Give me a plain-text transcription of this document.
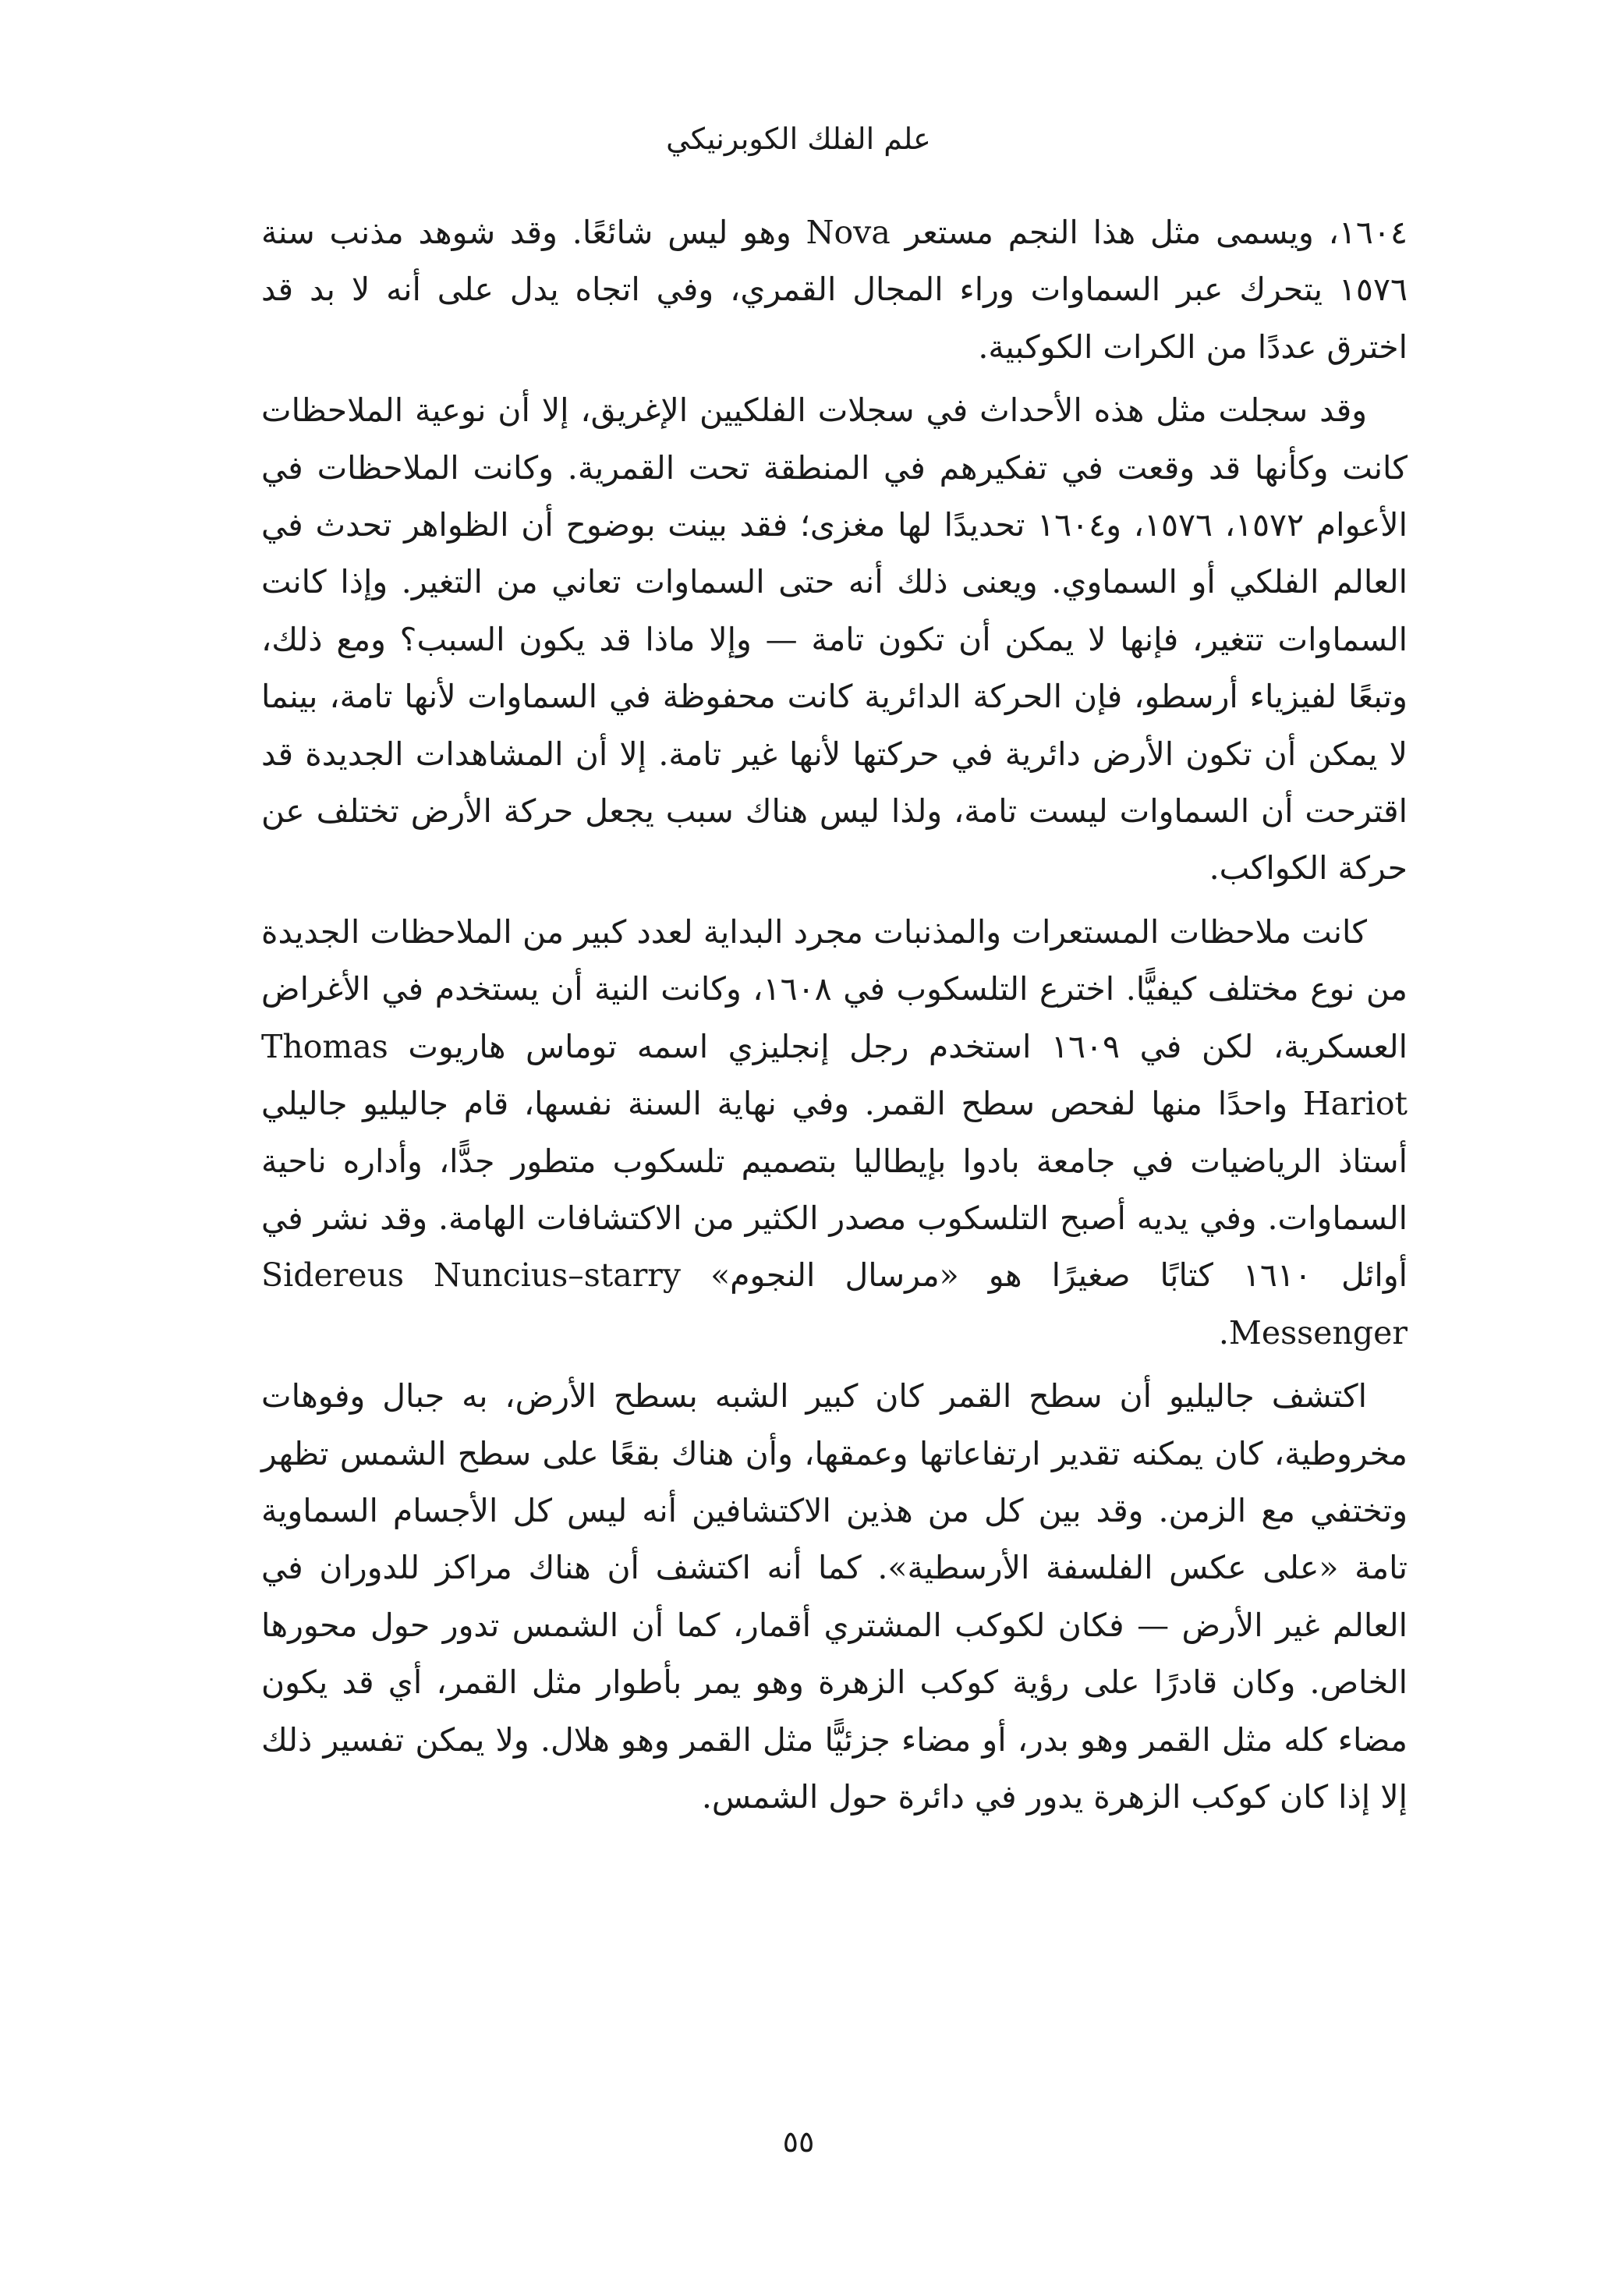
علم الفلك الكوبرنيكي

١٦٠٤، ويسمى مثل هذا النجم مستعر Nova وهو ليس شائعًا. وقد شوهد مذنب سنة ١٥٧٦ يتحرك عبر السماوات وراء المجال القمري، وفي اتجاه يدل على أنه لا بد قد اخترق عددًا من الكرات الكوكبية.

وقد سجلت مثل هذه الأحداث في سجلات الفلكيين الإغريق، إلا أن نوعية الملاحظات كانت وكأنها قد وقعت في تفكيرهم في المنطقة تحت القمرية. وكانت الملاحظات في الأعوام ١٥٧٢، ١٥٧٦، و١٦٠٤ تحديدًا لها مغزى؛ فقد بينت بوضوح أن الظواهر تحدث في العالم الفلكي أو السماوي. ويعنى ذلك أنه حتى السماوات تعاني من التغير. وإذا كانت السماوات تتغير، فإنها لا يمكن أن تكون تامة — وإلا ماذا قد يكون السبب؟ ومع ذلك، وتبعًا لفيزياء أرسطو، فإن الحركة الدائرية كانت محفوظة في السماوات لأنها تامة، بينما لا يمكن أن تكون الأرض دائرية في حركتها لأنها غير تامة. إلا أن المشاهدات الجديدة قد اقترحت أن السماوات ليست تامة، ولذا ليس هناك سبب يجعل حركة الأرض تختلف عن حركة الكواكب.

كانت ملاحظات المستعرات والمذنبات مجرد البداية لعدد كبير من الملاحظات الجديدة من نوع مختلف كيفيًّا. اخترع التلسكوب في ١٦٠٨، وكانت النية أن يستخدم في الأغراض العسكرية، لكن في ١٦٠٩ استخدم رجل إنجليزي اسمه توماس هاريوت Thomas Hariot واحدًا منها لفحص سطح القمر. وفي نهاية السنة نفسها، قام جاليليو جاليلي أستاذ الرياضيات في جامعة بادوا بإيطاليا بتصميم تلسكوب متطور جدًّا، وأداره ناحية السماوات. وفي يديه أصبح التلسكوب مصدر الكثير من الاكتشافات الهامة. وقد نشر في أوائل ١٦١٠ كتابًا صغيرًا هو «مرسال النجوم» Sidereus Nuncius–starry Messenger.

اكتشف جاليليو أن سطح القمر كان كبير الشبه بسطح الأرض، به جبال وفوهات مخروطية، كان يمكنه تقدير ارتفاعاتها وعمقها، وأن هناك بقعًا على سطح الشمس تظهر وتختفي مع الزمن. وقد بين كل من هذين الاكتشافين أنه ليس كل الأجسام السماوية تامة «على عكس الفلسفة الأرسطية». كما أنه اكتشف أن هناك مراكز للدوران في العالم غير الأرض — فكان لكوكب المشتري أقمار، كما أن الشمس تدور حول محورها الخاص. وكان قادرًا على رؤية كوكب الزهرة وهو يمر بأطوار مثل القمر، أي قد يكون مضاء كله مثل القمر وهو بدر، أو مضاء جزئيًّا مثل القمر وهو هلال. ولا يمكن تفسير ذلك إلا إذا كان كوكب الزهرة يدور في دائرة حول الشمس.

٥٥
